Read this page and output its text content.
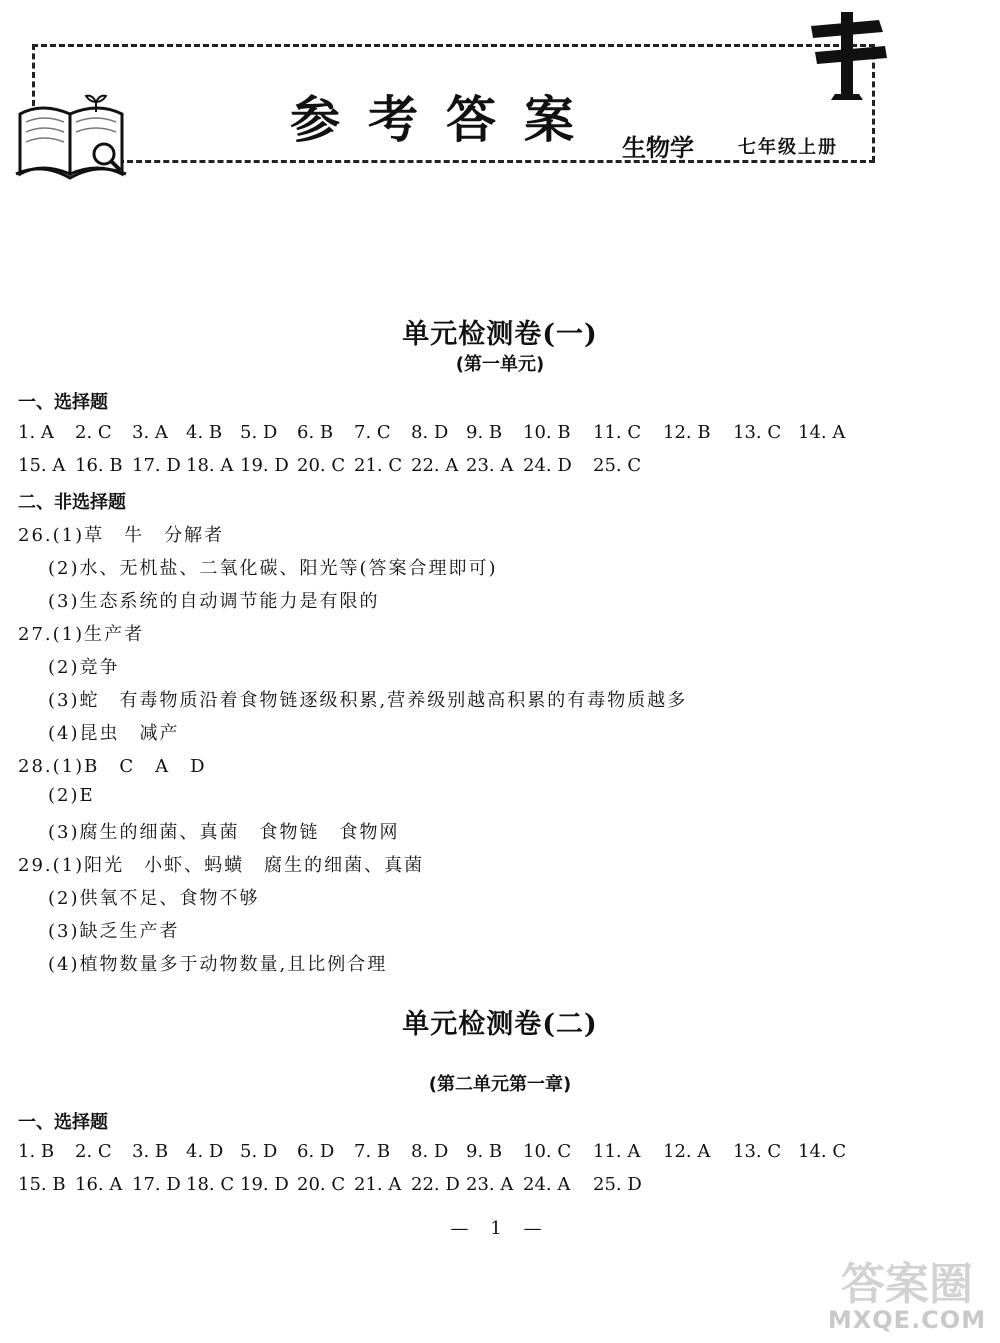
参考答案 生物学 七年级上册
单元检测卷(一)
(第一单元)
一、选择题
1. A 2. C 3. A 4. B 5. D 6. B 7. C 8. D 9. B 10. B 11. C 12. B 13. C 14. A
15. A 16. B 17. D 18. A 19. D 20. C 21. C 22. A 23. A 24. D 25. C
二、非选择题
26.(1)草　牛　分解者
(2)水、无机盐、二氧化碳、阳光等(答案合理即可)
(3)生态系统的自动调节能力是有限的
27.(1)生产者
(2)竞争
(3)蛇　有毒物质沿着食物链逐级积累,营养级别越高积累的有毒物质越多
(4)昆虫　减产
28.(1)B　C　A　D
(2)E
(3)腐生的细菌、真菌　食物链　食物网
29.(1)阳光　小虾、蚂蟥　腐生的细菌、真菌
(2)供氧不足、食物不够
(3)缺乏生产者
(4)植物数量多于动物数量,且比例合理
单元检测卷(二)
(第二单元第一章)
一、选择题
1. B 2. C 3. B 4. D 5. D 6. D 7. B 8. D 9. B 10. C 11. A 12. A 13. C 14. C
15. B 16. A 17. D 18. C 19. D 20. C 21. A 22. D 23. A 24. A 25. D
— 1 —
答案圈
MXQE.COM
